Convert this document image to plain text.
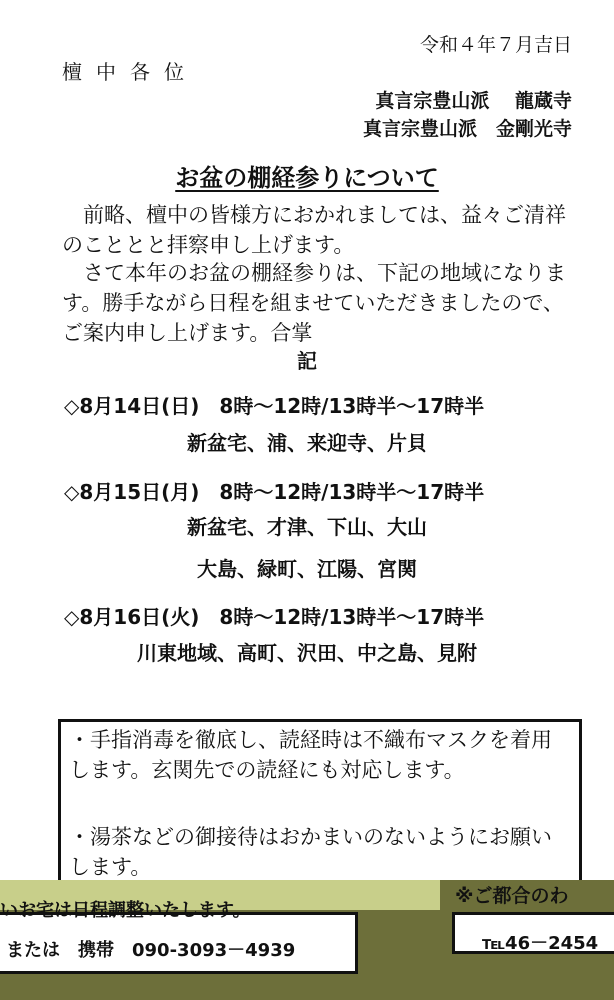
令和４年７月吉日
檀中各位
真言宗豊山派　 龍蔵寺
真言宗豊山派　金剛光寺
お盆の棚経参りについて
前略、檀中の皆様方におかれましては、益々ご清祥のこととと拝察申し上げます。
さて本年のお盆の棚経参りは、下記の地域になります。勝手ながら日程を組ませていただきましたので、ご案内申し上げます。合掌
記
◇8月14日(日)　8時～12時/13時半～17時半
新盆宅、浦、来迎寺、片貝
◇8月15日(月)　8時～12時/13時半～17時半
新盆宅、才津、下山、大山
大島、緑町、江陽、宮関
◇8月16日(火)　8時～12時/13時半～17時半
川東地域、高町、沢田、中之島、見附

・手指消毒を徹底し、読経時は不織布マスクを着用します。玄関先での読経にも対応します。

・湯茶などの御接待はおかまいのないようにお願いします。

いお宅は日程調整いたします。
※ご都合のわ
または　携帯　090-3093－4939	℡46－2454
